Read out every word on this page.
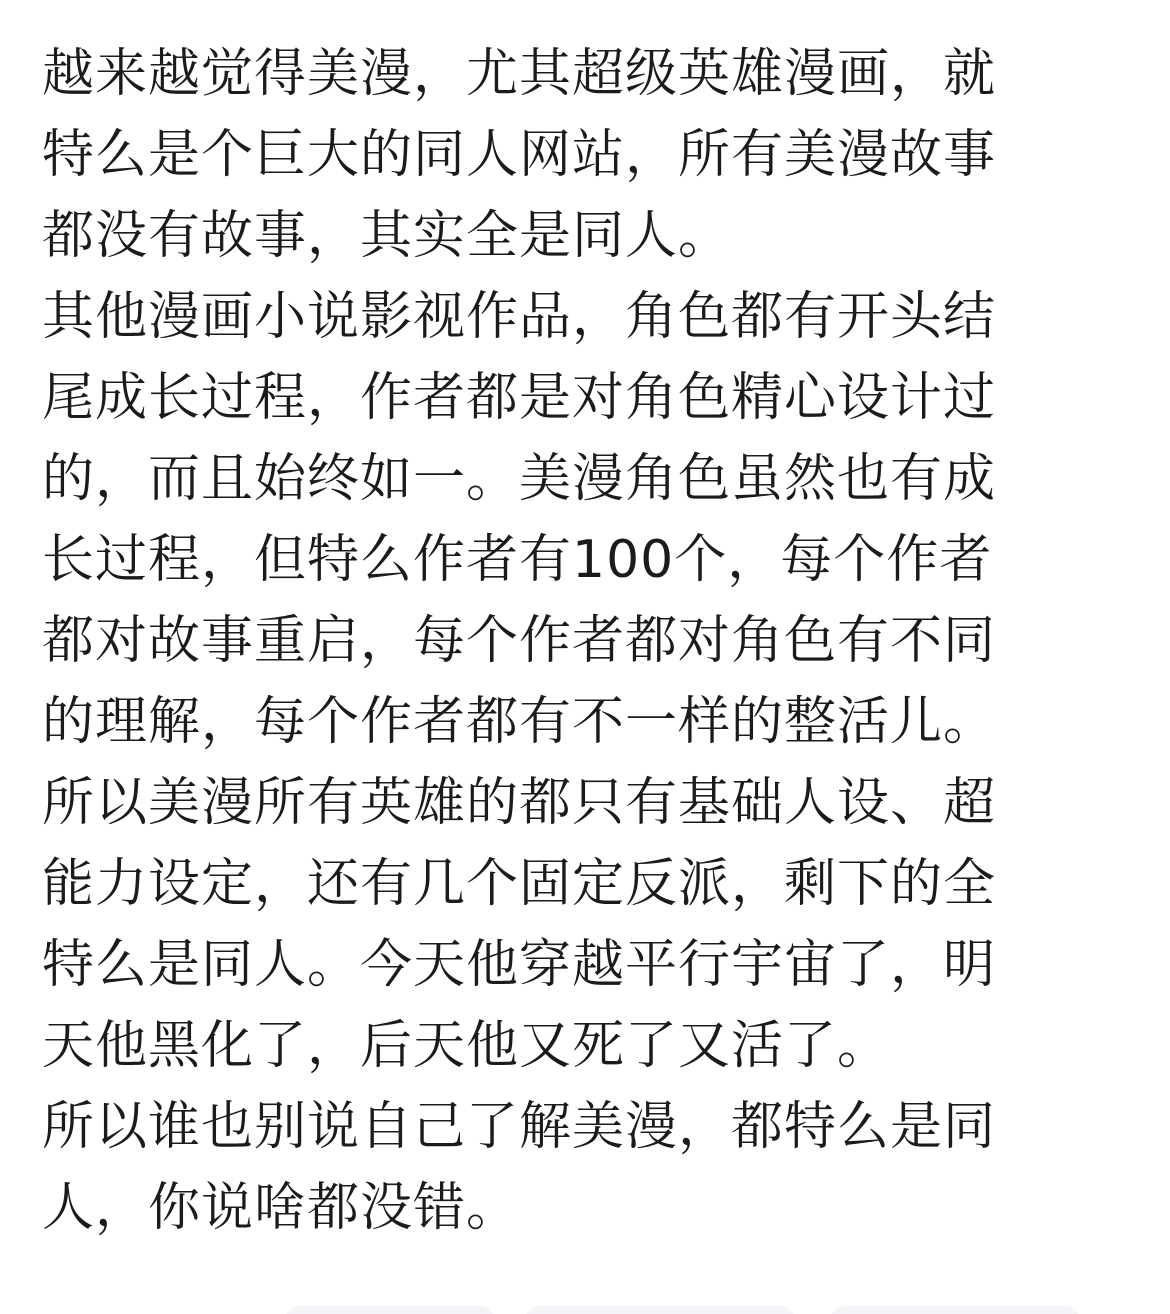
越来越觉得美漫，尤其超级英雄漫画，就
特么是个巨大的同人网站，所有美漫故事
都没有故事，其实全是同人。
其他漫画小说影视作品，角色都有开头结
尾成长过程，作者都是对角色精心设计过
的，而且始终如一。美漫角色虽然也有成
长过程，但特么作者有100个，每个作者
都对故事重启，每个作者都对角色有不同
的理解，每个作者都有不一样的整活儿。
所以美漫所有英雄的都只有基础人设、超
能力设定，还有几个固定反派，剩下的全
特么是同人。今天他穿越平行宇宙了，明
天他黑化了，后天他又死了又活了。
所以谁也别说自己了解美漫，都特么是同
人，你说啥都没错。
